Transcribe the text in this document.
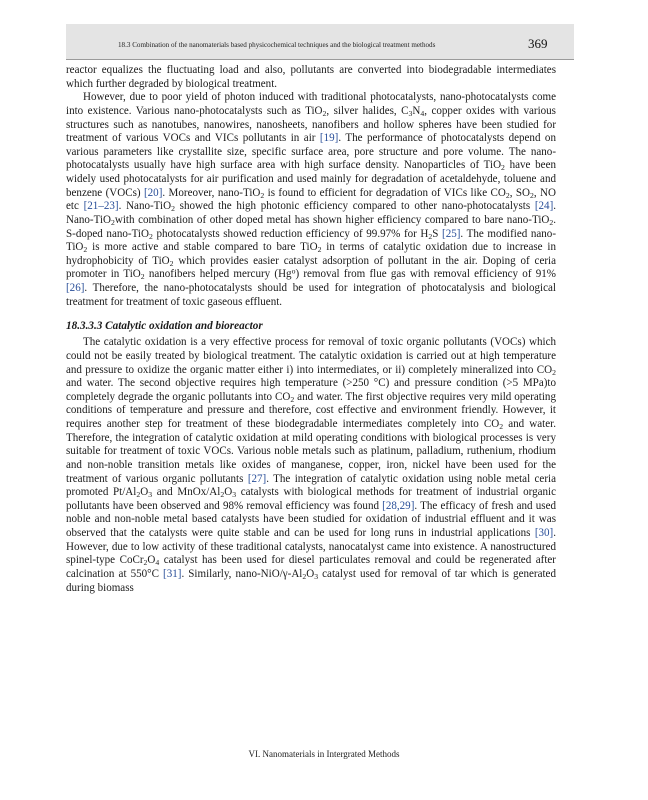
18.3 Combination of the nanomaterials based physicochemical techniques and the biological treatment methods	369

reactor equalizes the fluctuating load and also, pollutants are converted into biodegradable intermediates which further degraded by biological treatment.

However, due to poor yield of photon induced with traditional photocatalysts, nano-photocatalysts come into existence. Various nano-photocatalysts such as TiO$_2$, silver halides, $C_3N_4$, copper oxides with various structures such as nanotubes, nanowires, nanosheets, nanofibers and hollow spheres have been studied for treatment of various VOCs and VICs pollutants in air [19]. The performance of photocatalysts depend on various parameters like crystallite size, specific surface area, pore structure and pore volume. The nano-photocatalysts usually have high surface area with high surface density. Nanoparticles of TiO$_2$ have been widely used photocatalysts for air purification and used mainly for degradation of acetaldehyde, toluene and benzene (VOCs) [20]. Moreover, nano-TiO$_2$ is found to efficient for degradation of VICs like $CO_2$, $SO_2$, NO etc [21–23]. Nano-TiO$_2$ showed the high photonic efficiency compared to other nano-photocatalysts [24]. Nano-TiO$_2$with combination of other doped metal has shown higher efficiency compared to bare nano-TiO$_2$. S-doped nano-TiO$_2$ photocatalysts showed reduction efficiency of 99.97% for $H_2S$ [25]. The modified nano-TiO$_2$ is more active and stable compared to bare TiO$_2$ in terms of catalytic oxidation due to increase in hydrophobicity of TiO$_2$ which provides easier catalyst adsorption of pollutant in the air. Doping of ceria promoter in TiO$_2$ nanofibers helped mercury (Hg$^o$) removal from flue gas with removal efficiency of 91% [26]. Therefore, the nano-photocatalysts should be used for integration of photocatalysis and biological treatment for treatment of toxic gaseous effluent.

18.3.3.3 Catalytic oxidation and bioreactor

The catalytic oxidation is a very effective process for removal of toxic organic pollutants (VOCs) which could not be easily treated by biological treatment. The catalytic oxidation is carried out at high temperature and pressure to oxidize the organic matter either i) into intermediates, or ii) completely mineralized into $CO_2$ and water. The second objective requires high temperature (>250 °C) and pressure condition (>5 MPa)to completely degrade the organic pollutants into $CO_2$ and water. The first objective requires very mild operating conditions of temperature and pressure and therefore, cost effective and environment friendly. However, it requires another step for treatment of these biodegradable intermediates completely into $CO_2$ and water. Therefore, the integration of catalytic oxidation at mild operating conditions with biological processes is very suitable for treatment of toxic VOCs. Various noble metals such as platinum, palladium, ruthenium, rhodium and non-noble transition metals like oxides of manganese, copper, iron, nickel have been used for the treatment of various organic pollutants [27]. The integration of catalytic oxidation using noble metal ceria promoted $Pt/Al_2O_3$ and MnOx/$Al_2O_3$ catalysts with biological methods for treatment of industrial organic pollutants have been observed and 98% removal efficiency was found [28,29]. The efficacy of fresh and used noble and non-noble metal based catalysts have been studied for oxidation of industrial effluent and it was observed that the catalysts were quite stable and can be used for long runs in industrial applications [30]. However, due to low activity of these traditional catalysts, nanocatalyst came into existence. A nanostructured spinel-type $CoCr_2O_4$ catalyst has been used for diesel particulates removal and could be regenerated after calcination at 550°C [31]. Similarly, nano-$NiO/\gamma-Al_2O_3$ catalyst used for removal of tar which is generated during biomass

VI. Nanomaterials in Intergrated Methods
